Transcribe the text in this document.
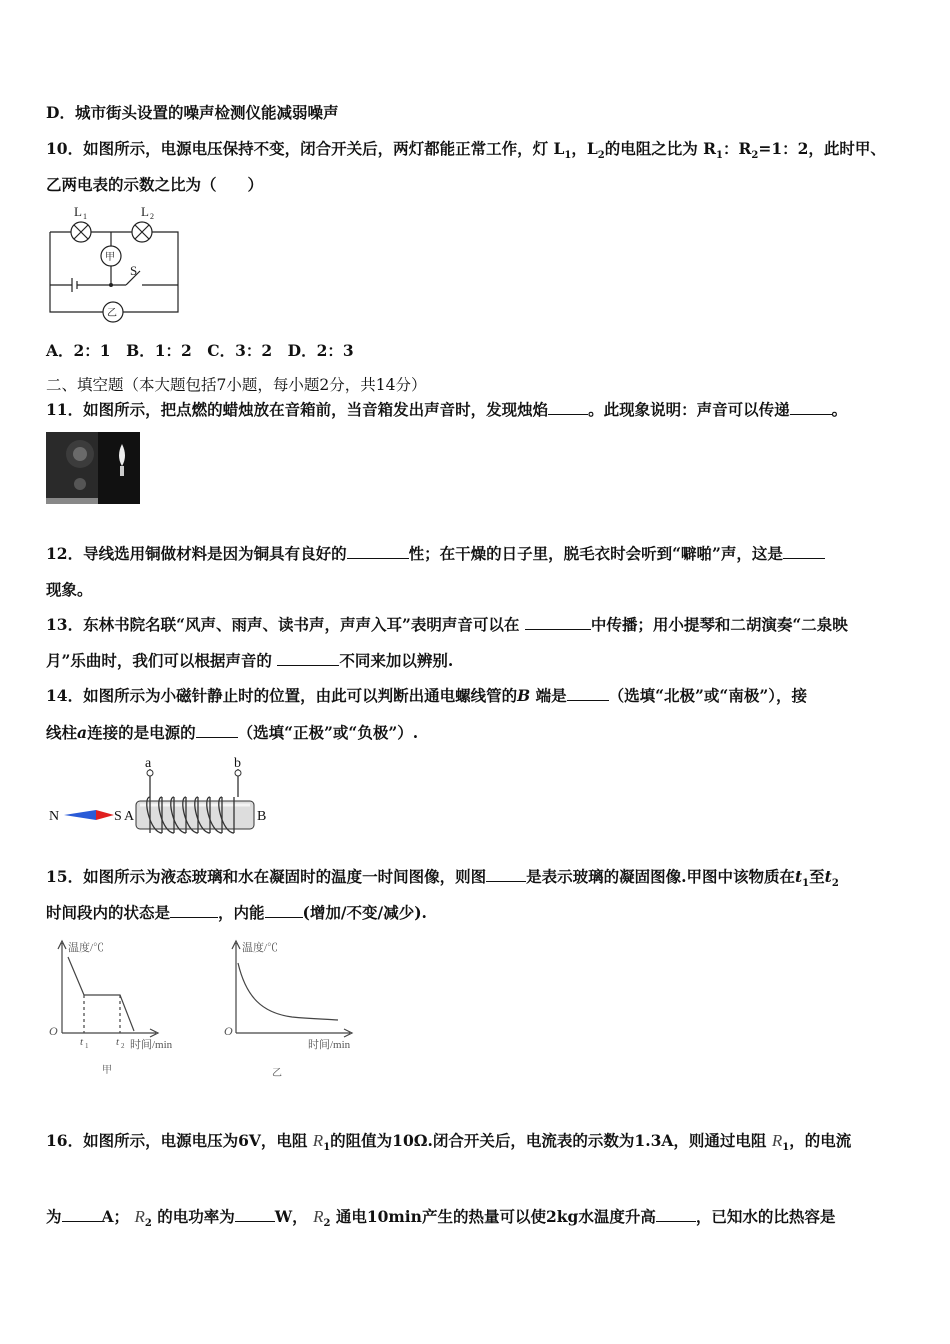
D．城市街头设置的噪声检测仪能减弱噪声
10．如图所示，电源电压保持不变，闭合开关后，两灯都能正常工作，灯 $L_1$，$L_2$的电阻之比为 $R_1$：$R_2=1$：2，此时甲、
乙两电表的示数之比为（　　）
L 1	L 2
S
甲
乙
A．2：1　B．1：2　C．3：2　D．2：3
二、填空题（本大题包括7小题，每小题2分，共14分）
11．如图所示，把点燃的蜡烛放在音箱前，当音箱发出声音时，发现烛焰	。此现象说明：声音可以传递	。
12．导线选用铜做材料是因为铜具有良好的	性；在干燥的日子里，脱毛衣时会听到“噼啪”声，这是
现象。
13．东林书院名联“风声、雨声、读书声，声声入耳”表明声音可以在	中传播；用小提琴和二胡演奏“二泉映
月”乐曲时，我们可以根据声音的	不同来加以辨别.
14．如图所示为小磁针静止时的位置，由此可以判断出通电螺线管的B 端是	（选填“北极”或“南极”），接
线柱a连接的是电源的	（选填“正极”或“负极”）.
a	b
N	S A	B
15．如图所示为液态玻璃和水在凝固时的温度一时间图像，则图	是表示玻璃的凝固图像.甲图中该物质在$t_1$至$t_2$
时间段内的状态是	，内能 (增加/不变/减少).
温度/℃
O
t 1	t 2 时间/min
甲
温度/℃
O
时间/min
乙
16．如图所示，电源电压为6V，电阻 $R_1$的阻值为10Ω.闭合开关后，电流表的示数为1.3A，则通过电阻 $R_1$，的电流
为	A； $R_2$ 的电功率为	W， $R_2$ 通电10min产生的热量可以使2kg水温度升高	，已知水的比热容是
